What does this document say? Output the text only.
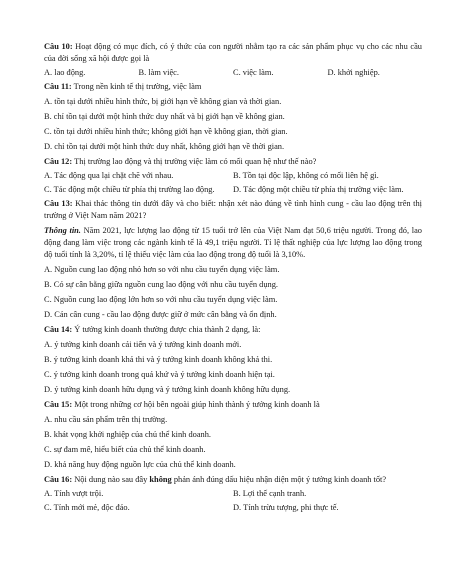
Câu 10: Hoạt động có mục đích, có ý thức của con người nhằm tạo ra các sản phẩm phục vụ cho các nhu cầu của đời sống xã hội được gọi là

A. lao động.	B. làm việc.	C. việc làm.	D. khởi nghiệp.

Câu 11: Trong nền kinh tế thị trường, việc làm

A. tồn tại dưới nhiều hình thức, bị giới hạn về không gian và thời gian.

B. chỉ tồn tại dưới một hình thức duy nhất và bị giới hạn về không gian.

C. tồn tại dưới nhiều hình thức; không giới hạn về không gian, thời gian.

D. chỉ tồn tại dưới một hình thức duy nhất, không giới hạn về thời gian.

Câu 12: Thị trường lao động và thị trường việc làm có mối quan hệ như thế nào?

A. Tác động qua lại chặt chẽ với nhau.	B. Tồn tại độc lập, không có mối liên hệ gì.
C. Tác động một chiều từ phía thị trường lao động.	D. Tác động một chiều từ phía thị trường việc làm.

Câu 13: Khai thác thông tin dưới đây và cho biết: nhận xét nào đúng về tình hình cung - cầu lao động trên thị trường ở Việt Nam năm 2021?

Thông tin. Năm 2021, lực lượng lao động từ 15 tuổi trở lên của Việt Nam đạt 50,6 triệu người. Trong đó, lao động đang làm việc trong các ngành kinh tế là 49,1 triệu người. Tỉ lệ thất nghiệp của lực lượng lao động trong độ tuổi tính là 3,20%, tỉ lệ thiếu việc làm của lao động trong độ tuổi là 3,10%.

A. Nguồn cung lao động nhỏ hơn so với nhu cầu tuyển dụng việc làm.

B. Có sự cân bằng giữa nguồn cung lao động với nhu cầu tuyển dụng.

C. Nguồn cung lao động lớn hơn so với nhu cầu tuyển dụng việc làm.

D. Cán cân cung - cầu lao động được giữ ở mức cân bằng và ổn định.

Câu 14: Ý tưởng kinh doanh thường được chia thành 2 dạng, là:

A. ý tưởng kinh doanh cải tiến và ý tưởng kinh doanh mới.

B. ý tưởng kinh doanh khả thi và ý tưởng kinh doanh không khả thi.

C. ý tưởng kinh doanh trong quá khứ và ý tưởng kinh doanh hiện tại.

D. ý tưởng kinh doanh hữu dụng và ý tưởng kinh doanh không hữu dụng.

Câu 15: Một trong những cơ hội bên ngoài giúp hình thành ý tưởng kinh doanh là

A. nhu cầu sản phẩm trên thị trường.

B. khát vọng khởi nghiệp của chủ thể kinh doanh.

C. sự đam mê, hiểu biết của chủ thể kinh doanh.

D. khả năng huy động nguồn lực của chủ thể kinh doanh.

Câu 16: Nội dung nào sau đây không phản ánh đúng dấu hiệu nhận diện một ý tưởng kinh doanh tốt?

A. Tính vượt trội.	B. Lợi thế cạnh tranh.
C. Tính mới mẻ, độc đáo.	D. Tính trừu tượng, phi thực tế.
